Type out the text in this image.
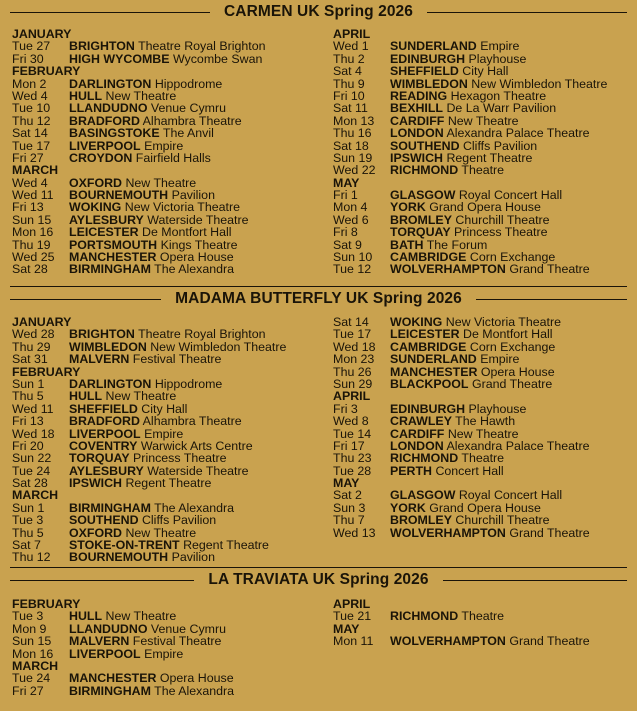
CARMEN UK Spring 2026
JANUARY
Tue 27	BRIGHTON Theatre Royal Brighton
Fri 30	HIGH WYCOMBE Wycombe Swan
FEBRUARY
Mon 2	DARLINGTON Hippodrome
Wed 4	HULL New Theatre
Tue 10	LLANDUDNO Venue Cymru
Thu 12	BRADFORD Alhambra Theatre
Sat 14	BASINGSTOKE The Anvil
Tue 17	LIVERPOOL Empire
Fri 27	CROYDON Fairfield Halls
MARCH
Wed 4	OXFORD New Theatre
Wed 11	BOURNEMOUTH Pavilion
Fri 13	WOKING New Victoria Theatre
Sun 15	AYLESBURY Waterside Theatre
Mon 16	LEICESTER De Montfort Hall
Thu 19	PORTSMOUTH Kings Theatre
Wed 25	MANCHESTER Opera House
Sat 28	BIRMINGHAM The Alexandra
APRIL
Wed 1	SUNDERLAND Empire
Thu 2	EDINBURGH Playhouse
Sat 4	SHEFFIELD City Hall
Thu 9	WIMBLEDON New Wimbledon Theatre
Fri 10	READING Hexagon Theatre
Sat 11	BEXHILL De La Warr Pavilion
Mon 13	CARDIFF New Theatre
Thu 16	LONDON Alexandra Palace Theatre
Sat 18	SOUTHEND Cliffs Pavilion
Sun 19	IPSWICH Regent Theatre
Wed 22	RICHMOND Theatre
MAY
Fri 1	GLASGOW Royal Concert Hall
Mon 4	YORK Grand Opera House
Wed 6	BROMLEY Churchill Theatre
Fri 8	TORQUAY Princess Theatre
Sat 9	BATH The Forum
Sun 10	CAMBRIDGE Corn Exchange
Tue 12	WOLVERHAMPTON Grand Theatre
MADAMA BUTTERFLY UK Spring 2026
JANUARY
Wed 28	BRIGHTON Theatre Royal Brighton
Thu 29	WIMBLEDON New Wimbledon Theatre
Sat 31	MALVERN Festival Theatre
FEBRUARY
Sun 1	DARLINGTON Hippodrome
Thu 5	HULL New Theatre
Wed 11	SHEFFIELD City Hall
Fri 13	BRADFORD Alhambra Theatre
Wed 18	LIVERPOOL Empire
Fri 20	COVENTRY Warwick Arts Centre
Sun 22	TORQUAY Princess Theatre
Tue 24	AYLESBURY Waterside Theatre
Sat 28	IPSWICH Regent Theatre
MARCH
Sun 1	BIRMINGHAM The Alexandra
Tue 3	SOUTHEND Cliffs Pavilion
Thu 5	OXFORD New Theatre
Sat 7	STOKE-ON-TRENT Regent Theatre
Thu 12	BOURNEMOUTH Pavilion
Sat 14	WOKING New Victoria Theatre
Tue 17	LEICESTER De Montfort Hall
Wed 18	CAMBRIDGE Corn Exchange
Mon 23	SUNDERLAND Empire
Thu 26	MANCHESTER Opera House
Sun 29	BLACKPOOL Grand Theatre
APRIL
Fri 3	EDINBURGH Playhouse
Wed 8	CRAWLEY The Hawth
Tue 14	CARDIFF New Theatre
Fri 17	LONDON Alexandra Palace Theatre
Thu 23	RICHMOND Theatre
Tue 28	PERTH Concert Hall
MAY
Sat 2	GLASGOW Royal Concert Hall
Sun 3	YORK Grand Opera House
Thu 7	BROMLEY Churchill Theatre
Wed 13	WOLVERHAMPTON Grand Theatre
LA TRAVIATA UK Spring 2026
FEBRUARY
Tue 3	HULL New Theatre
Mon 9	LLANDUDNO Venue Cymru
Sun 15	MALVERN Festival Theatre
Mon 16	LIVERPOOL Empire
MARCH
Tue 24	MANCHESTER Opera House
Fri 27	BIRMINGHAM The Alexandra
APRIL
Tue 21	RICHMOND Theatre
MAY
Mon 11	WOLVERHAMPTON Grand Theatre
